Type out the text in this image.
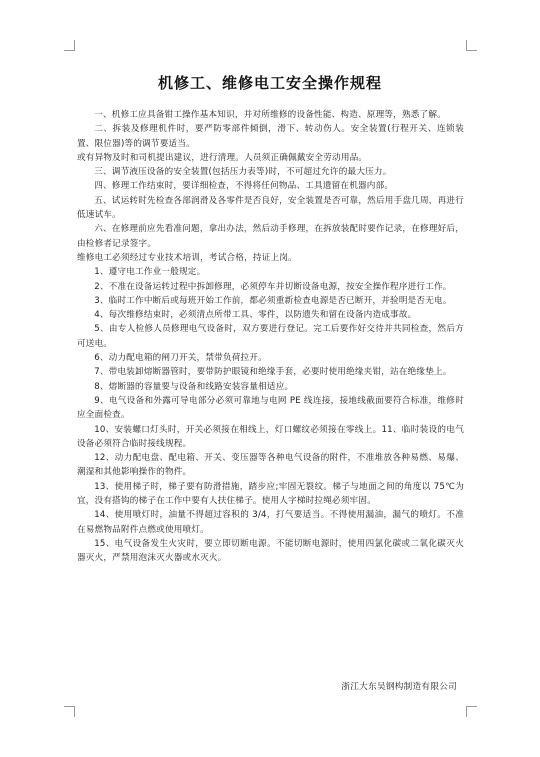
机修工、维修电工安全操作规程

一、机修工应具备钳工操作基本知识，并对所维修的设备性能、构造、原理等，熟悉了解。

二、拆装及修理机件时，要严防零部件倾倒，滑下、转动伤人。安全装置(行程开关、连锁装置、限位器)等的调节要适当。

或有异物及时和司机提出建议，进行清理。人员须正确佩戴安全劳动用品。

三、调节液压设备的安全装置(包括压力表等)时，不可超过允许的最大压力。

四、修理工作结束时，要详细检查，不得将任何物品、工具遗留在机器内部。

五、试运转时先检查各部润滑及各零件是否良好，安全装置是否可靠，然后用手盘几周，再进行低速试车。

六、在修理前应先看准问题，拿出办法，然后动手修理，在拆放装配时要作记录，在修理好后，由检修者记录签字。

维修电工必须经过专业技术培训，考试合格，持证上岗。

1、遵守电工作业一般规定。

2、不准在设备运转过程中拆卸修理，必须停车并切断设备电源，按安全操作程序进行工作。

3、临时工作中断后或每班开始工作前，都必须重新检查电源是否已断开，并验明是否无电。

4、每次维修结束时，必须清点所带工具、零件，以防遗失和留在设备内造成事故。

5、由专人检修人员修理电气设备时，双方要进行登记。完工后要作好交待并共同检查，然后方可送电。

6、动力配电箱的闸刀开关，禁带负荷拉开。

7、带电装卸熔断器管时，要带防护眼镜和绝缘手套，必要时使用绝缘夹钳，站在绝缘垫上。

8、熔断器的容量要与设备和线路安装容量相适应。

9、电气设备和外露可导电部分必须可靠地与电网 PE 线连接，接地线截面要符合标准，维修时应全面检查。

10、安装螺口灯头时，开关必须接在相线上，灯口螺纹必须接在零线上。11、临时装设的电气设备必须符合临时接线规程。

12、动力配电盘、配电箱、开关、变压器等各种电气设备的附件，不准堆放各种易燃、易爆、潮湿和其他影响操作的物件。

13、使用梯子时，梯子要有防滑措施，踏步应;牢固无裂纹。梯子与地面之间的角度以 75℃为宜，没有搭钩的梯子在工作中要有人扶住梯子。使用人字梯时拉绳必须牢固。

14、使用喷灯时，油量不得超过容积的 3/4，打气要适当。不得使用漏油，漏气的喷灯。不准在易燃物品附件点燃或使用喷灯。

15、电气设备发生火灾时，要立即切断电源。不能切断电源时，使用四氯化碳或二氧化碳灭火器灭火，严禁用泡沫灭火器或水灭火。

浙江大东吴钢构制造有限公司
